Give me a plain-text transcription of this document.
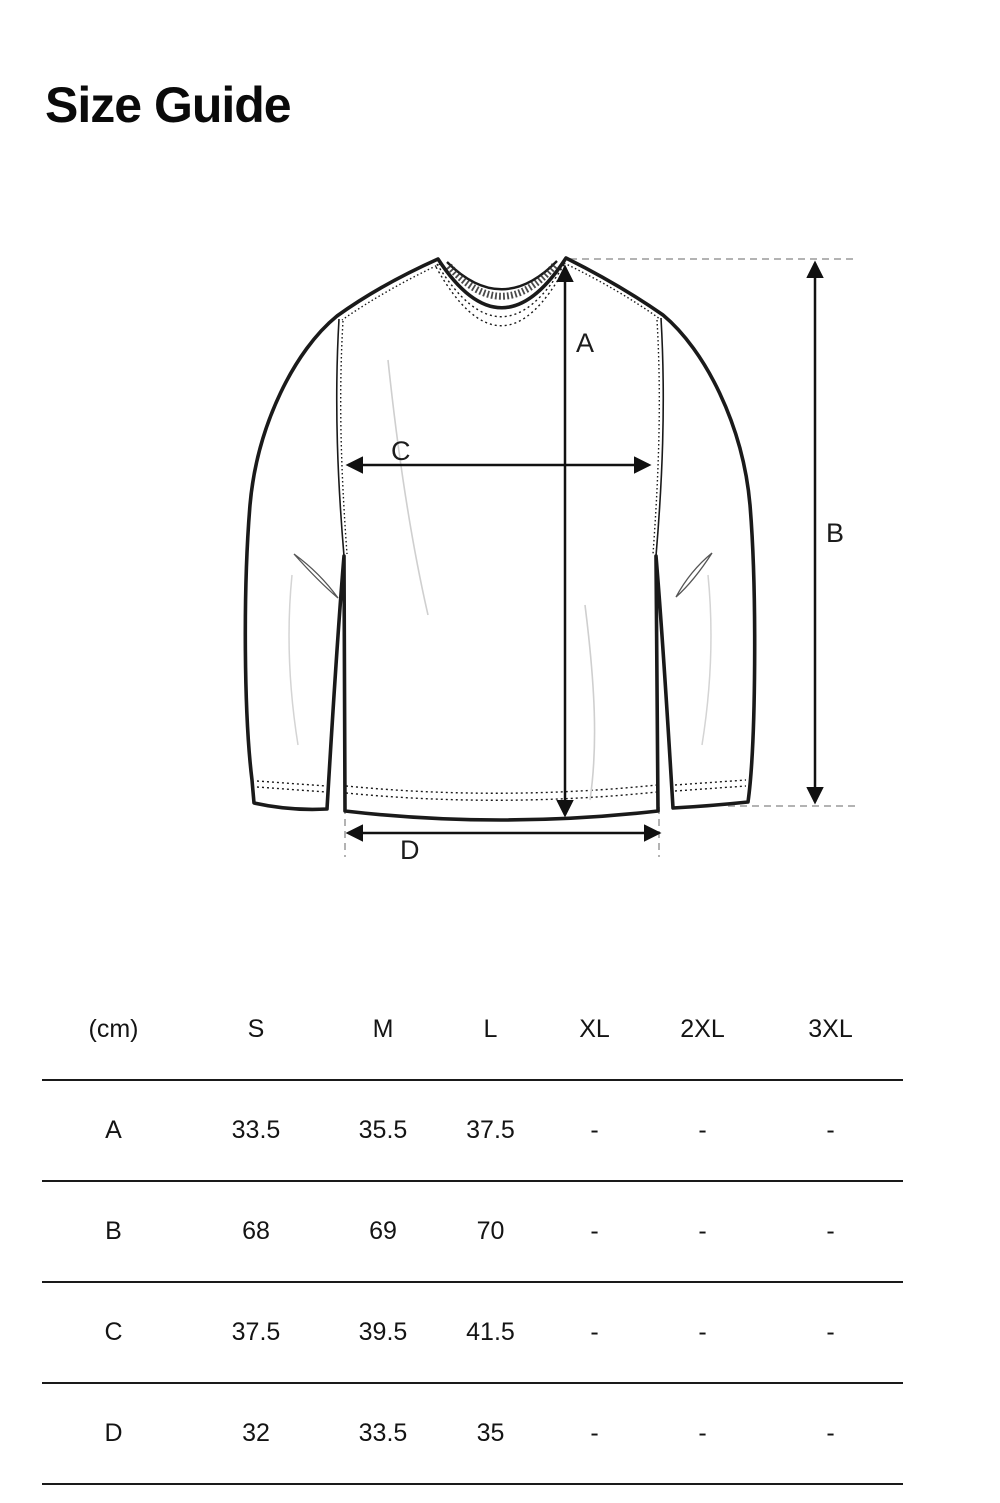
Size Guide
A
B
C
D
(cm)	S	M	L	XL	2XL	3XL
A	33.5	35.5	37.5	-	-	-
B	68	69	70	-	-	-
C	37.5	39.5	41.5	-	-	-
D	32	33.5	35	-	-	-
